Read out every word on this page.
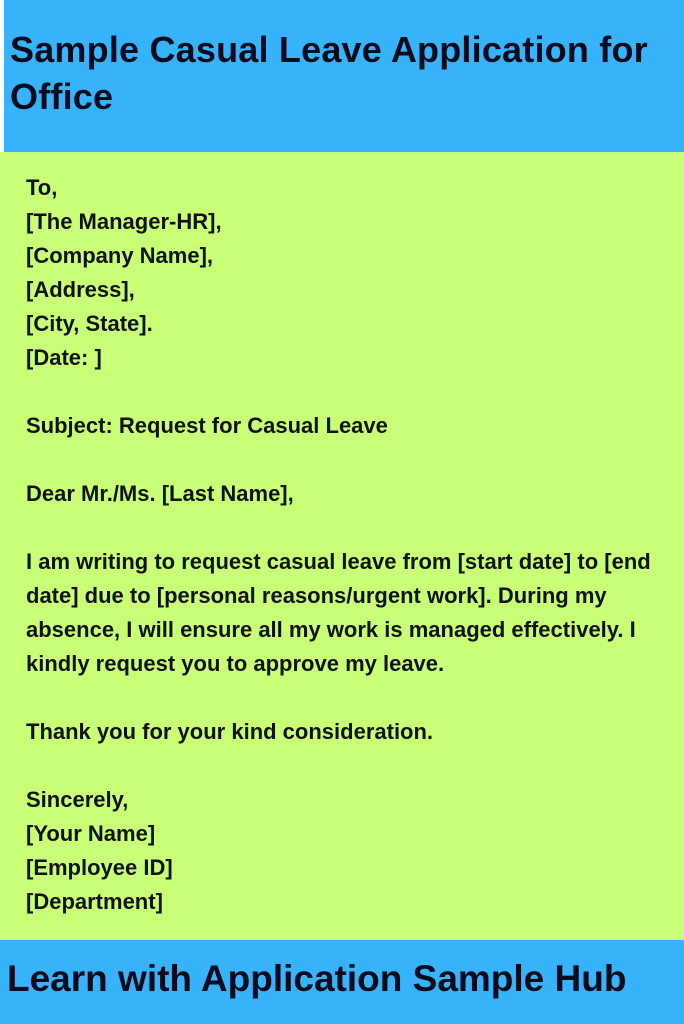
Sample Casual Leave Application for Office
To,
[The Manager-HR],
[Company Name],
[Address],
[City, State].
[Date: ]
Subject: Request for Casual Leave
Dear Mr./Ms. [Last Name],
I am writing to request casual leave from [start date] to [end date] due to [personal reasons/urgent work]. During my absence, I will ensure all my work is managed effectively. I kindly request you to approve my leave.
Thank you for your kind consideration.
Sincerely,
[Your Name]
[Employee ID]
[Department]
Learn with Application Sample Hub
